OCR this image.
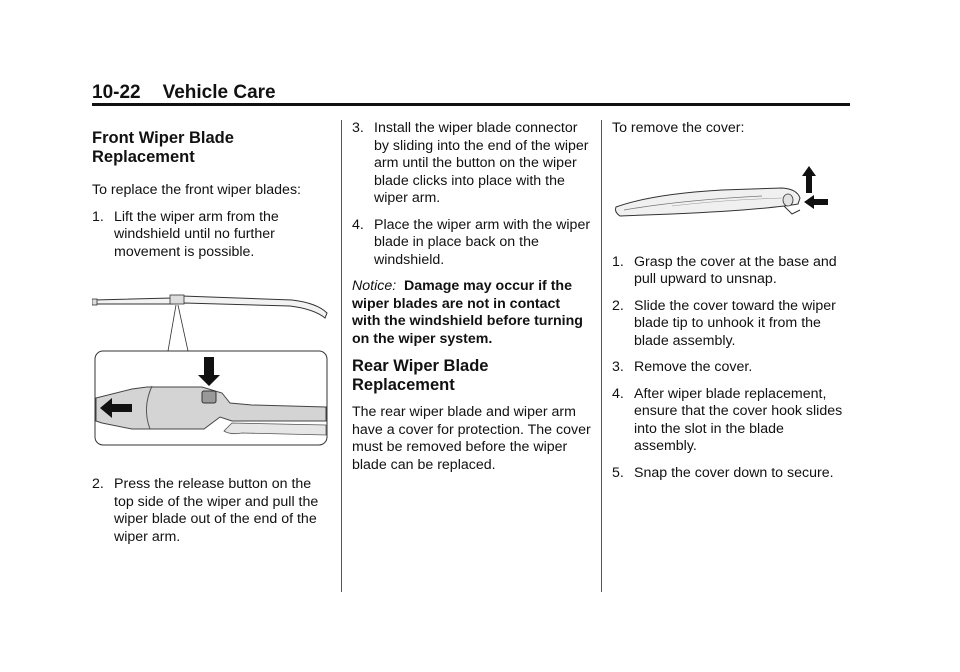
10-22 Vehicle Care
Front Wiper Blade Replacement

To replace the front wiper blades:

1. Lift the wiper arm from the windshield until no further movement is possible.
2. Press the release button on the top side of the wiper and pull the wiper blade out of the end of the wiper arm.
3. Install the wiper blade connector by sliding into the end of the wiper arm until the button on the wiper blade clicks into place with the wiper arm.
4. Place the wiper arm with the wiper blade in place back on the windshield.

Notice: Damage may occur if the wiper blades are not in contact with the windshield before turning on the wiper system.

Rear Wiper Blade Replacement

The rear wiper blade and wiper arm have a cover for protection. The cover must be removed before the wiper blade can be replaced.

To remove the cover:

1. Grasp the cover at the base and pull upward to unsnap.
2. Slide the cover toward the wiper blade tip to unhook it from the blade assembly.
3. Remove the cover.
4. After wiper blade replacement, ensure that the cover hook slides into the slot in the blade assembly.
5. Snap the cover down to secure.
